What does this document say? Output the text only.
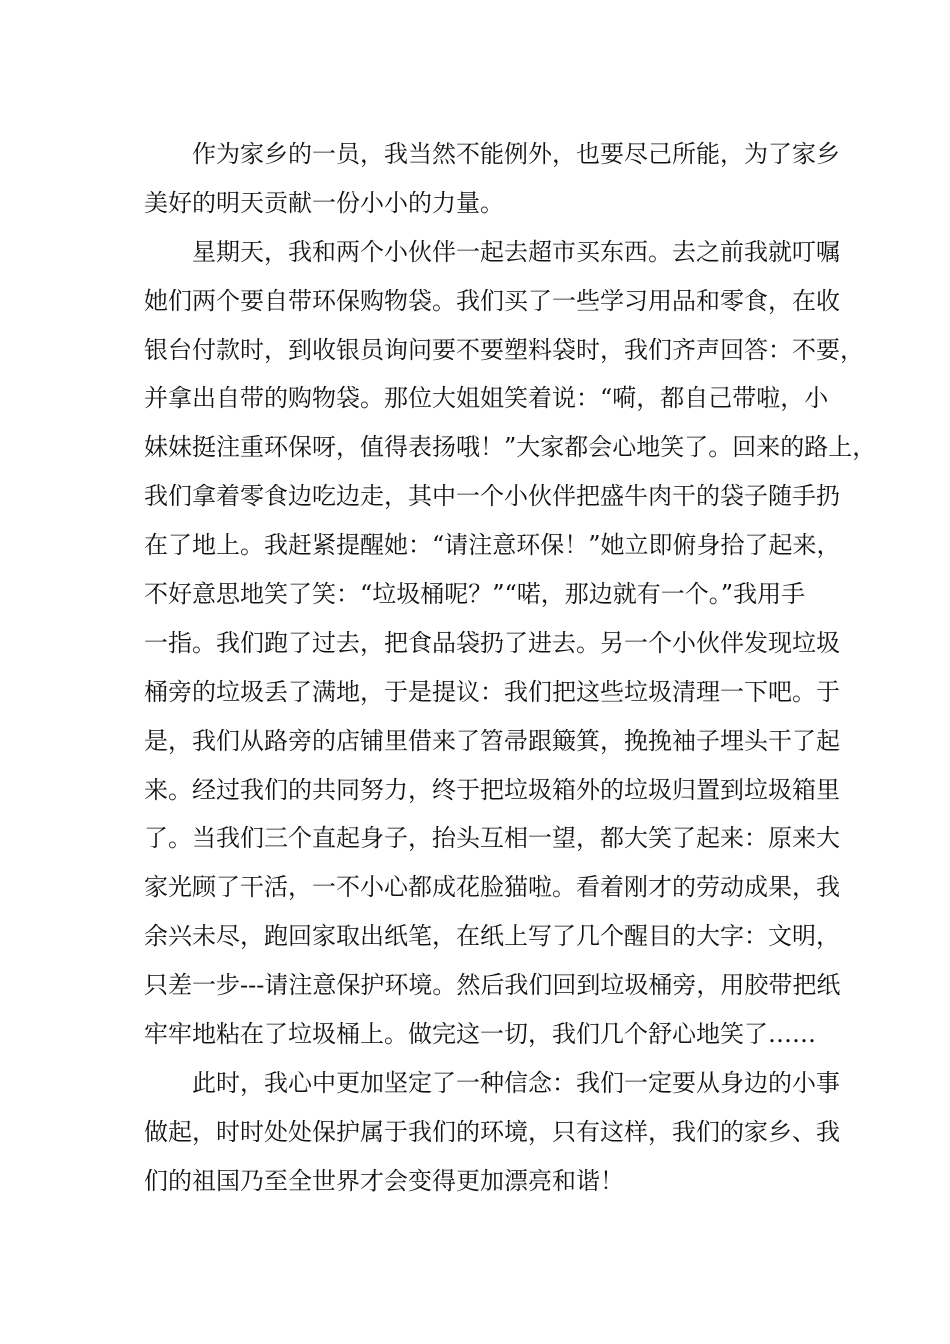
作为家乡的一员，我当然不能例外，也要尽己所能，为了家乡
美好的明天贡献一份小小的力量。
星期天，我和两个小伙伴一起去超市买东西。去之前我就叮嘱
她们两个要自带环保购物袋。我们买了一些学习用品和零食，在收
银台付款时，到收银员询问要不要塑料袋时，我们齐声回答：不要，
并拿出自带的购物袋。那位大姐姐笑着说：“嗬，都自己带啦，小
妹妹挺注重环保呀，值得表扬哦！”大家都会心地笑了。回来的路上，
我们拿着零食边吃边走，其中一个小伙伴把盛牛肉干的袋子随手扔
在了地上。我赶紧提醒她：“请注意环保！”她立即俯身拾了起来，
不好意思地笑了笑：“垃圾桶呢？”“喏，那边就有一个。”我用手
一指。我们跑了过去，把食品袋扔了进去。另一个小伙伴发现垃圾
桶旁的垃圾丢了满地，于是提议：我们把这些垃圾清理一下吧。于
是，我们从路旁的店铺里借来了笤帚跟簸箕，挽挽袖子埋头干了起
来。经过我们的共同努力，终于把垃圾箱外的垃圾归置到垃圾箱里
了。当我们三个直起身子，抬头互相一望，都大笑了起来：原来大
家光顾了干活，一不小心都成花脸猫啦。看着刚才的劳动成果，我
余兴未尽，跑回家取出纸笔，在纸上写了几个醒目的大字：文明，
只差一步---请注意保护环境。然后我们回到垃圾桶旁，用胶带把纸
牢牢地粘在了垃圾桶上。做完这一切，我们几个舒心地笑了……
此时，我心中更加坚定了一种信念：我们一定要从身边的小事
做起，时时处处保护属于我们的环境，只有这样，我们的家乡、我
们的祖国乃至全世界才会变得更加漂亮和谐！
